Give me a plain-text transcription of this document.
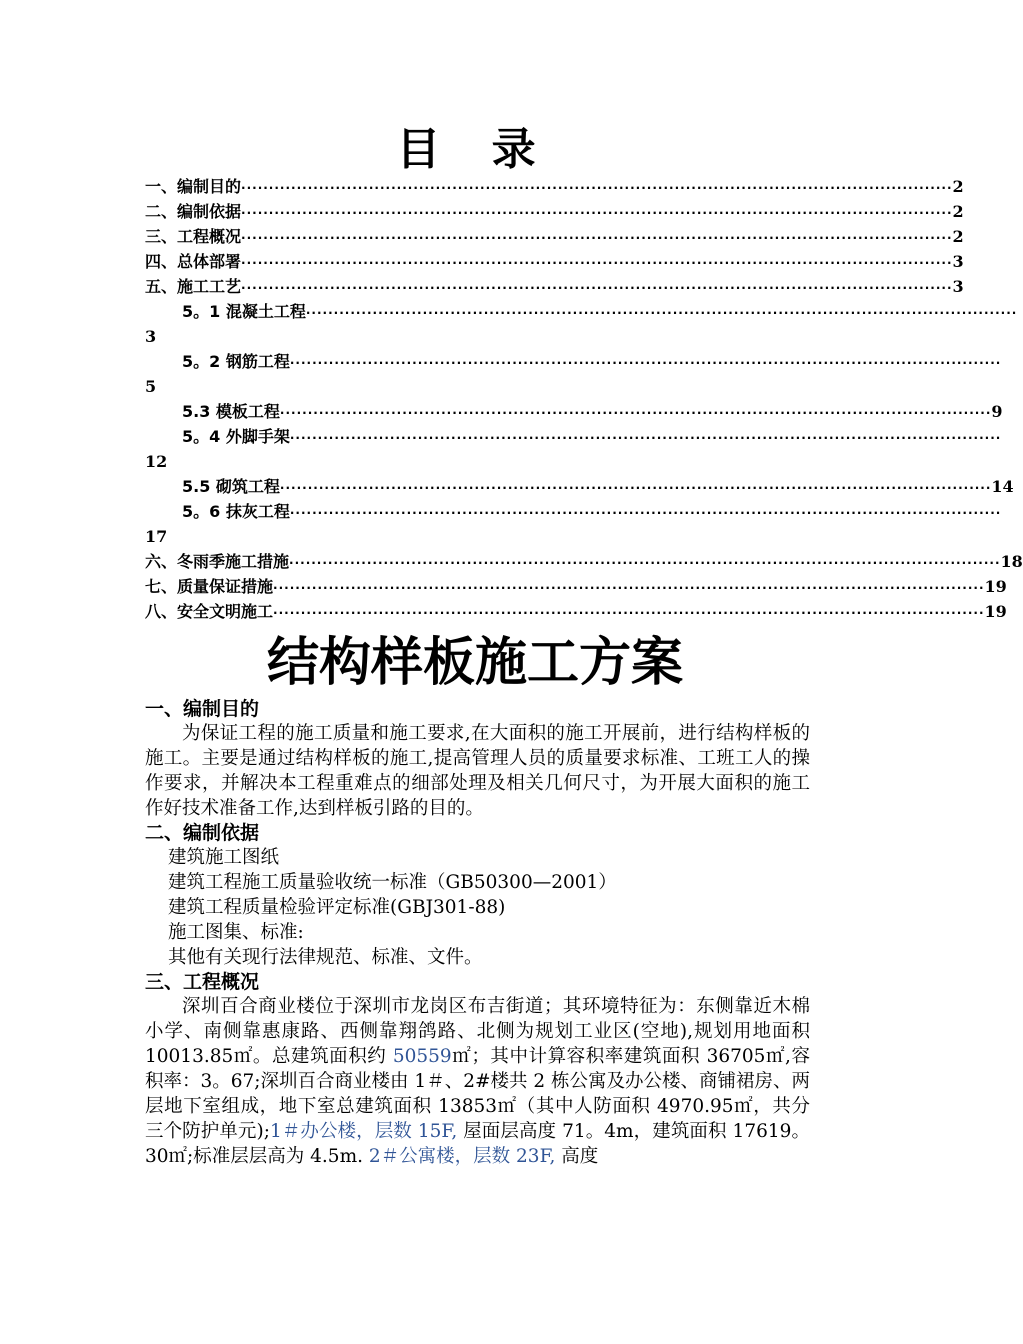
目 录
一、编制目的 ································································································································ 2
二、编制依据 ································································································································ 2
三、工程概况 ································································································································ 2
四、总体部署 ································································································································ 3
五、施工工艺 ································································································································ 3
5。1 混凝土工程 ································································································································
3
5。2 钢筋工程 ································································································································
5
5.3 模板工程 ································································································································ 9
5。4 外脚手架 ································································································································
12
5.5 砌筑工程 ································································································································ 14
5。6 抹灰工程 ································································································································
17
六、冬雨季施工措施 ································································································································ 18
七、质量保证措施 ································································································································ 19
八、安全文明施工 ································································································································ 19
结构样板施工方案
一、编制目的
为保证工程的施工质量和施工要求,在大面积的施工开展前，进行结构样板的施工。主要是通过结构样板的施工,提高管理人员的质量要求标准、工班工人的操作要求，并解决本工程重难点的细部处理及相关几何尺寸，为开展大面积的施工作好技术准备工作,达到样板引路的目的。
二、编制依据
建筑施工图纸
建筑工程施工质量验收统一标准（GB50300—2001）
建筑工程质量检验评定标准(GBJ301-88)
施工图集、标准:
其他有关现行法律规范、标准、文件。
三、工程概况
深圳百合商业楼位于深圳市龙岗区布吉街道；其环境特征为：东侧靠近木棉小学、南侧靠惠康路、西侧靠翔鸽路、北侧为规划工业区(空地),规划用地面积 10013.85㎡。总建筑面积约 50559㎡；其中计算容积率建筑面积 36705㎡,容积率：3。67;深圳百合商业楼由 1＃、2#楼共 2 栋公寓及办公楼、商铺裙房、两层地下室组成，地下室总建筑面积 13853㎡（其中人防面积 4970.95㎡，共分三个防护单元);1＃办公楼，层数 15F, 屋面层高度 71。4m，建筑面积 17619。30㎡;标准层层高为 4.5m. 2＃公寓楼，层数 23F, 高度
